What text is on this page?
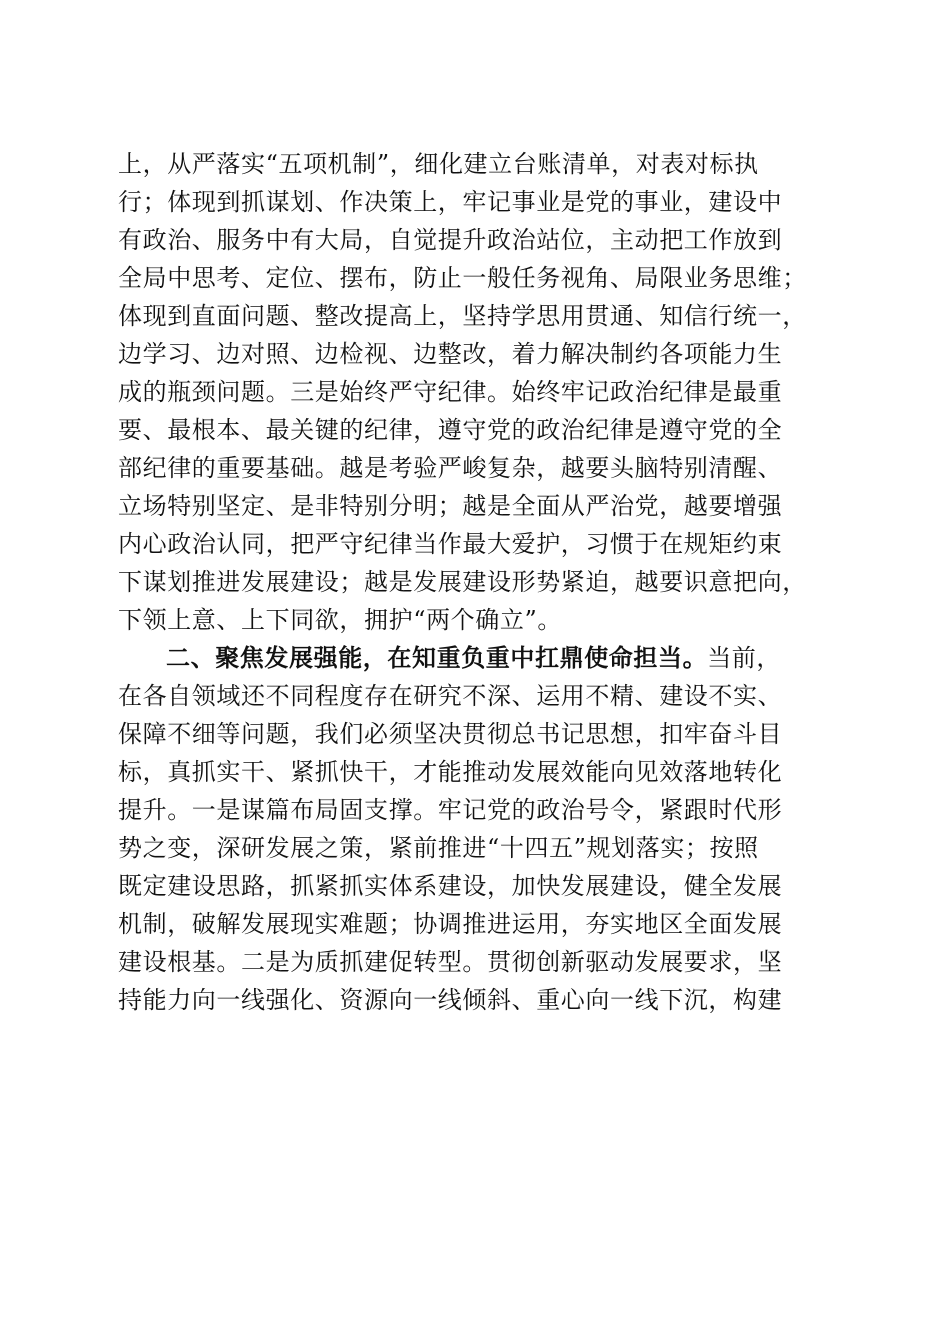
上，从严落实“五项机制”，细化建立台账清单，对表对标执
行；体现到抓谋划、作决策上，牢记事业是党的事业，建设中
有政治、服务中有大局，自觉提升政治站位，主动把工作放到
全局中思考、定位、摆布，防止一般任务视角、局限业务思维；
体现到直面问题、整改提高上，坚持学思用贯通、知信行统一，
边学习、边对照、边检视、边整改，着力解决制约各项能力生
成的瓶颈问题。三是始终严守纪律。始终牢记政治纪律是最重
要、最根本、最关键的纪律，遵守党的政治纪律是遵守党的全
部纪律的重要基础。越是考验严峻复杂，越要头脑特别清醒、
立场特别坚定、是非特别分明；越是全面从严治党，越要增强
内心政治认同，把严守纪律当作最大爱护，习惯于在规矩约束
下谋划推进发展建设；越是发展建设形势紧迫，越要识意把向，
下领上意、上下同欲，拥护“两个确立”。
二、聚焦发展强能，在知重负重中扛鼎使命担当。当前，
在各自领域还不同程度存在研究不深、运用不精、建设不实、
保障不细等问题，我们必须坚决贯彻总书记思想，扣牢奋斗目
标，真抓实干、紧抓快干，才能推动发展效能向见效落地转化
提升。一是谋篇布局固支撑。牢记党的政治号令，紧跟时代形
势之变，深研发展之策，紧前推进“十四五”规划落实；按照
既定建设思路，抓紧抓实体系建设，加快发展建设，健全发展
机制，破解发展现实难题；协调推进运用，夯实地区全面发展
建设根基。二是为质抓建促转型。贯彻创新驱动发展要求，坚
持能力向一线强化、资源向一线倾斜、重心向一线下沉，构建
